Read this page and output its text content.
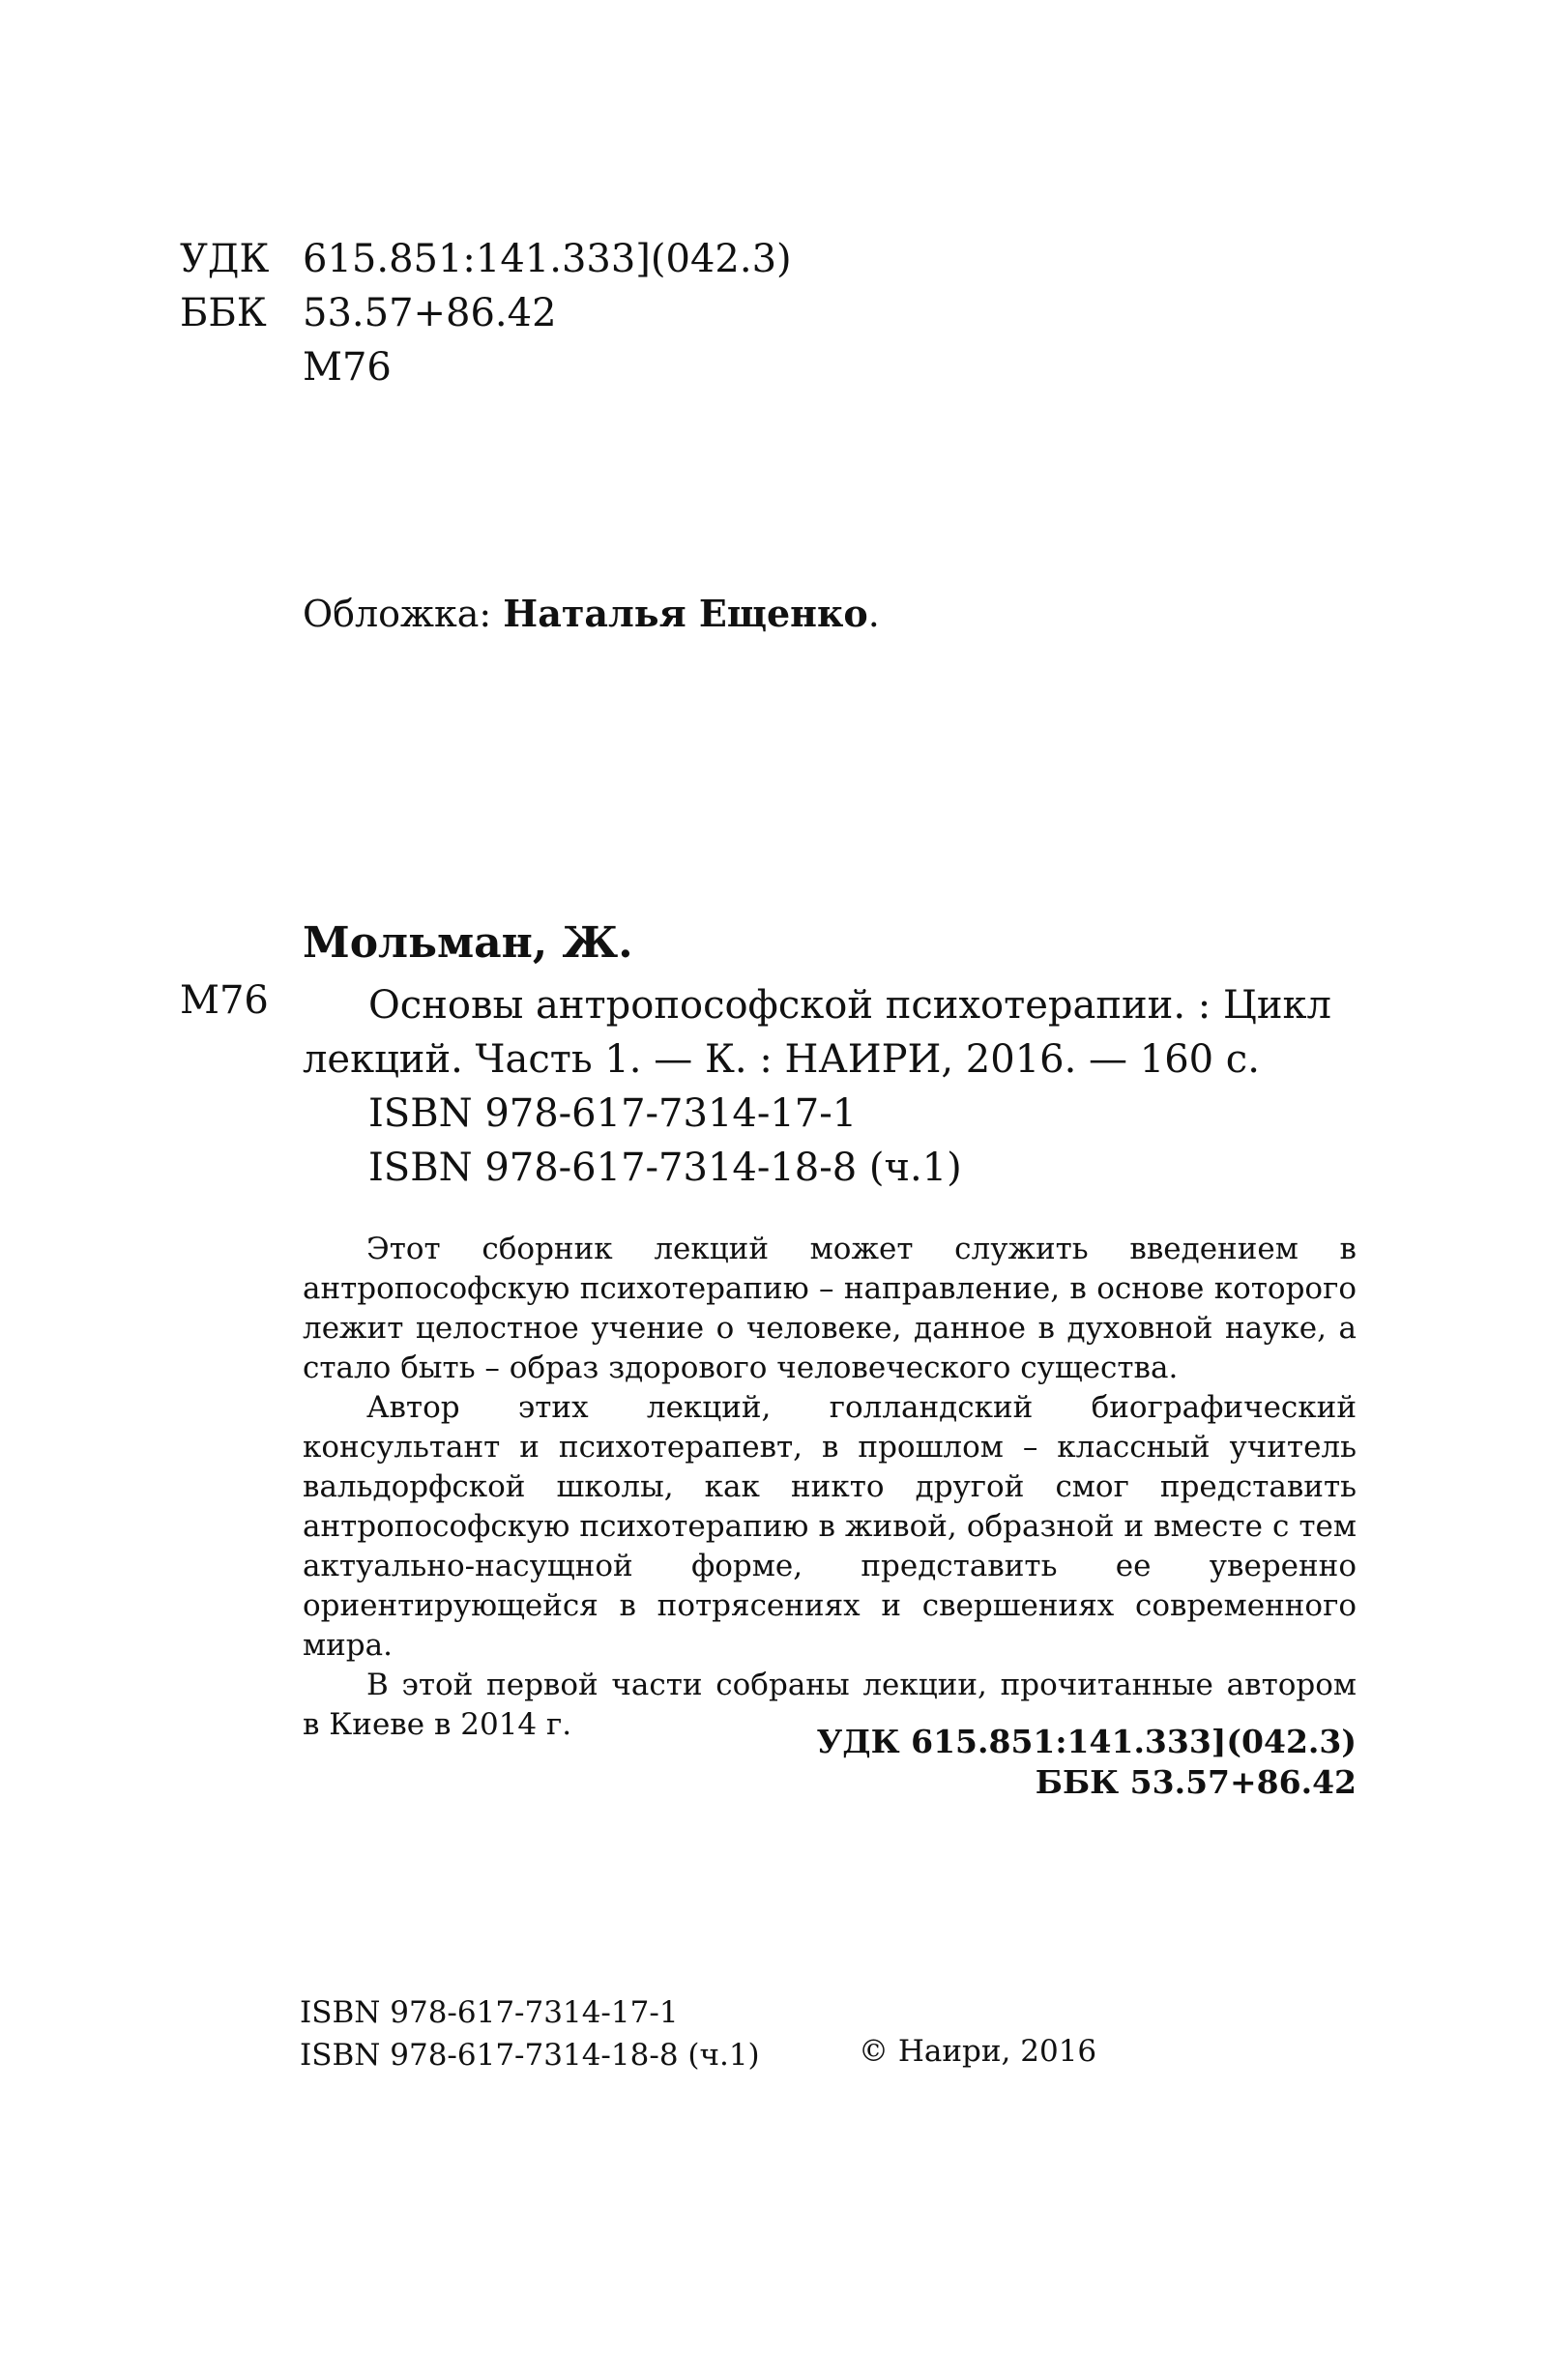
УДК 615.851:141.333](042.3)
ББК 53.57+86.42
М76
Обложка: Наталья Ещенко.
Мольман, Ж.
М76	Основы антропософской психотерапии. : Цикл лекций. Часть 1. — К. : НАИРИ, 2016. — 160 с.

ISBN 978-617-7314-17-1

ISBN 978-617-7314-18-8 (ч.1)

Этот сборник лекций может служить введением в антропософскую психотерапию – направление, в основе которого лежит целостное учение о человеке, данное в духовной науке, а стало быть – образ здорового человеческого существа.

Автор этих лекций, голландский биографический консультант и психотерапевт, в прошлом – классный учитель вальдорфской школы, как никто другой смог представить антропософскую психотерапию в живой, образной и вместе с тем актуально-насущной форме, представить ее уверенно ориентирующейся в потрясениях и свершениях современного мира.

В этой первой части собраны лекции, прочитанные автором в Киеве в 2014 г.	УДК 615.851:141.333](042.3)
ББК 53.57+86.42
ISBN 978-617-7314-17-1
ISBN 978-617-7314-18-8 (ч.1)	© Наири, 2016
